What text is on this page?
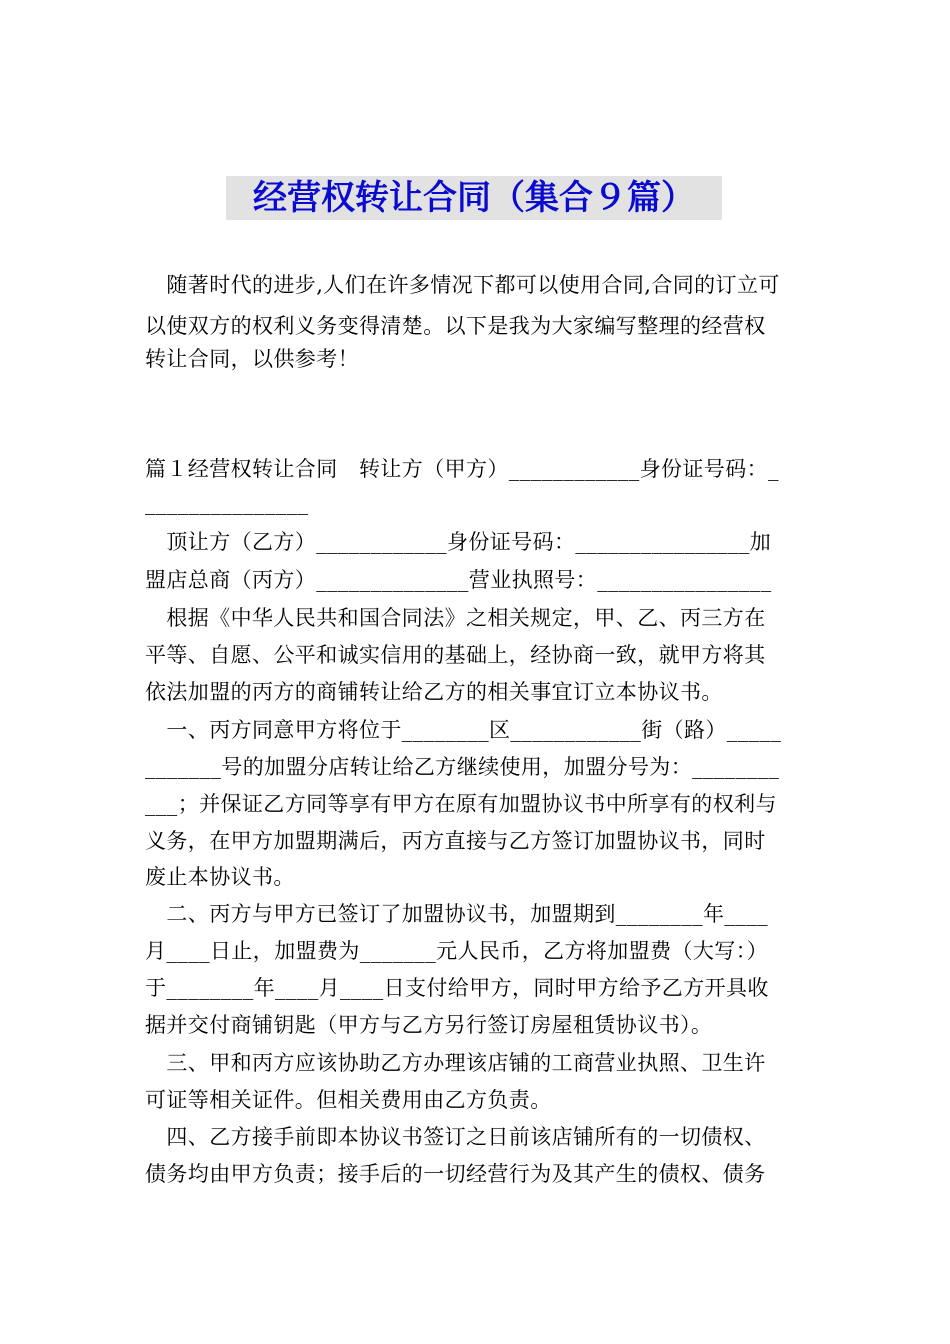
经营权转让合同（集合９篇）
　随著时代的进步,人们在许多情况下都可以使用合同,合同的订立可
以使双方的权利义务变得清楚。以下是我为大家编写整理的经营权
转让合同，以供参考！
篇１经营权转让合同　转让方（甲方）____________身份证号码：_
_______________
　顶让方（乙方）____________身份证号码：________________加
盟店总商（丙方）______________营业执照号：________________
　根据《中华人民共和国合同法》之相关规定，甲、乙、丙三方在
平等、自愿、公平和诚实信用的基础上，经协商一致，就甲方将其
依法加盟的丙方的商铺转让给乙方的相关事宜订立本协议书。
　一、丙方同意甲方将位于________区____________街（路）_____
_______号的加盟分店转让给乙方继续使用，加盟分号为：________
___；并保证乙方同等享有甲方在原有加盟协议书中所享有的权利与
义务，在甲方加盟期满后，丙方直接与乙方签订加盟协议书，同时
废止本协议书。
　二、丙方与甲方已签订了加盟协议书，加盟期到________年____
月____日止，加盟费为_______元人民币，乙方将加盟费（大写：）
于________年____月____日支付给甲方，同时甲方给予乙方开具收
据并交付商铺钥匙（甲方与乙方另行签订房屋租赁协议书）。
　三、甲和丙方应该协助乙方办理该店铺的工商营业执照、卫生许
可证等相关证件。但相关费用由乙方负责。
　四、乙方接手前即本协议书签订之日前该店铺所有的一切债权、
债务均由甲方负责；接手后的一切经营行为及其产生的债权、债务
